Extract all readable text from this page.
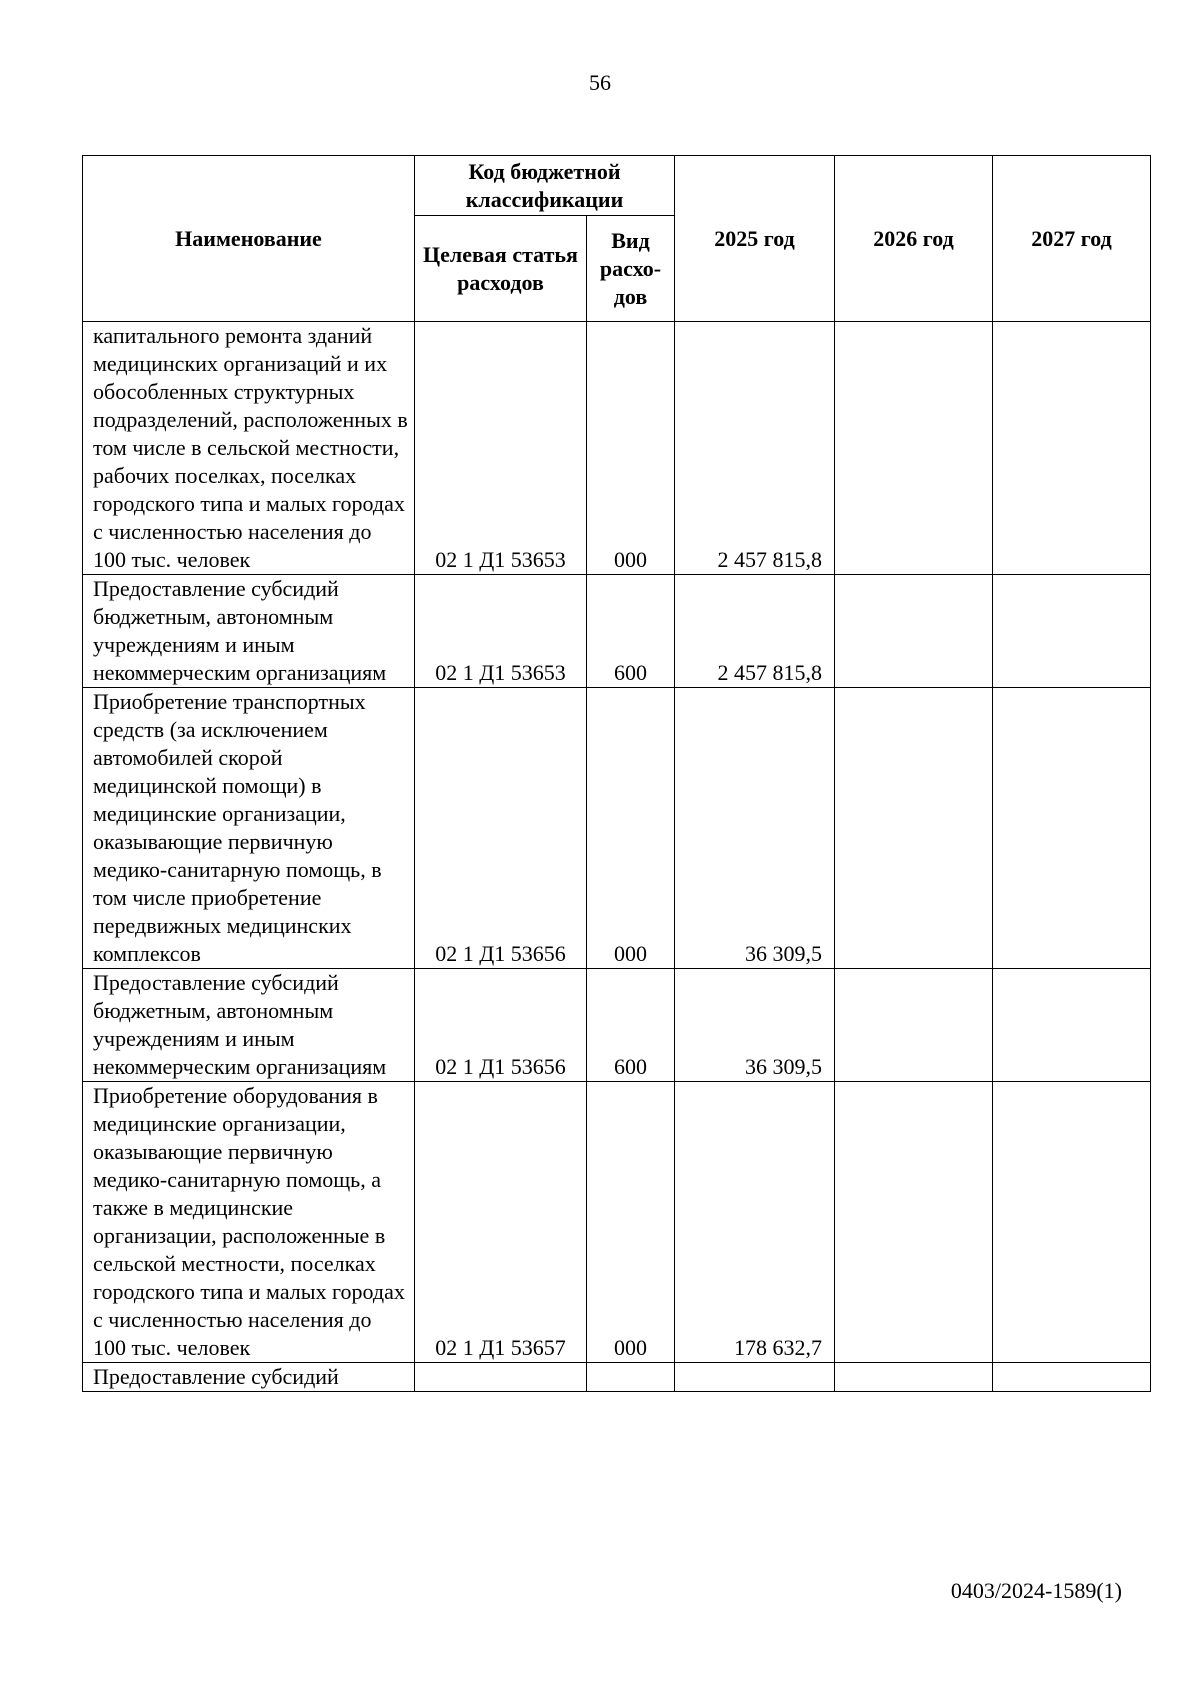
56
Наименование	Код бюджетной классификации		2025 год	2026 год	2027 год
	Целевая статья расходов	Вид расхо-дов			
капитального ремонта зданий медицинских организаций и их обособленных структурных подразделений, расположенных в том числе в сельской местности, рабочих поселках, поселках городского типа и малых городах с численностью населения до 100 тыс. человек	02 1 Д1 53653	000	2 457 815,8		
Предоставление субсидий бюджетным, автономным учреждениям и иным некоммерческим организациям	02 1 Д1 53653	600	2 457 815,8		
Приобретение транспортных средств (за исключением автомобилей скорой медицинской помощи) в медицинские организации, оказывающие первичную медико-санитарную помощь, в том числе приобретение передвижных медицинских комплексов	02 1 Д1 53656	000	36 309,5		
Предоставление субсидий бюджетным, автономным учреждениям и иным некоммерческим организациям	02 1 Д1 53656	600	36 309,5		
Приобретение оборудования в медицинские организации, оказывающие первичную медико-санитарную помощь, а также в медицинские организации, расположенные в сельской местности, поселках городского типа и малых городах с численностью населения до 100 тыс. человек	02 1 Д1 53657	000	178 632,7		
Предоставление субсидий					
0403/2024-1589(1)
